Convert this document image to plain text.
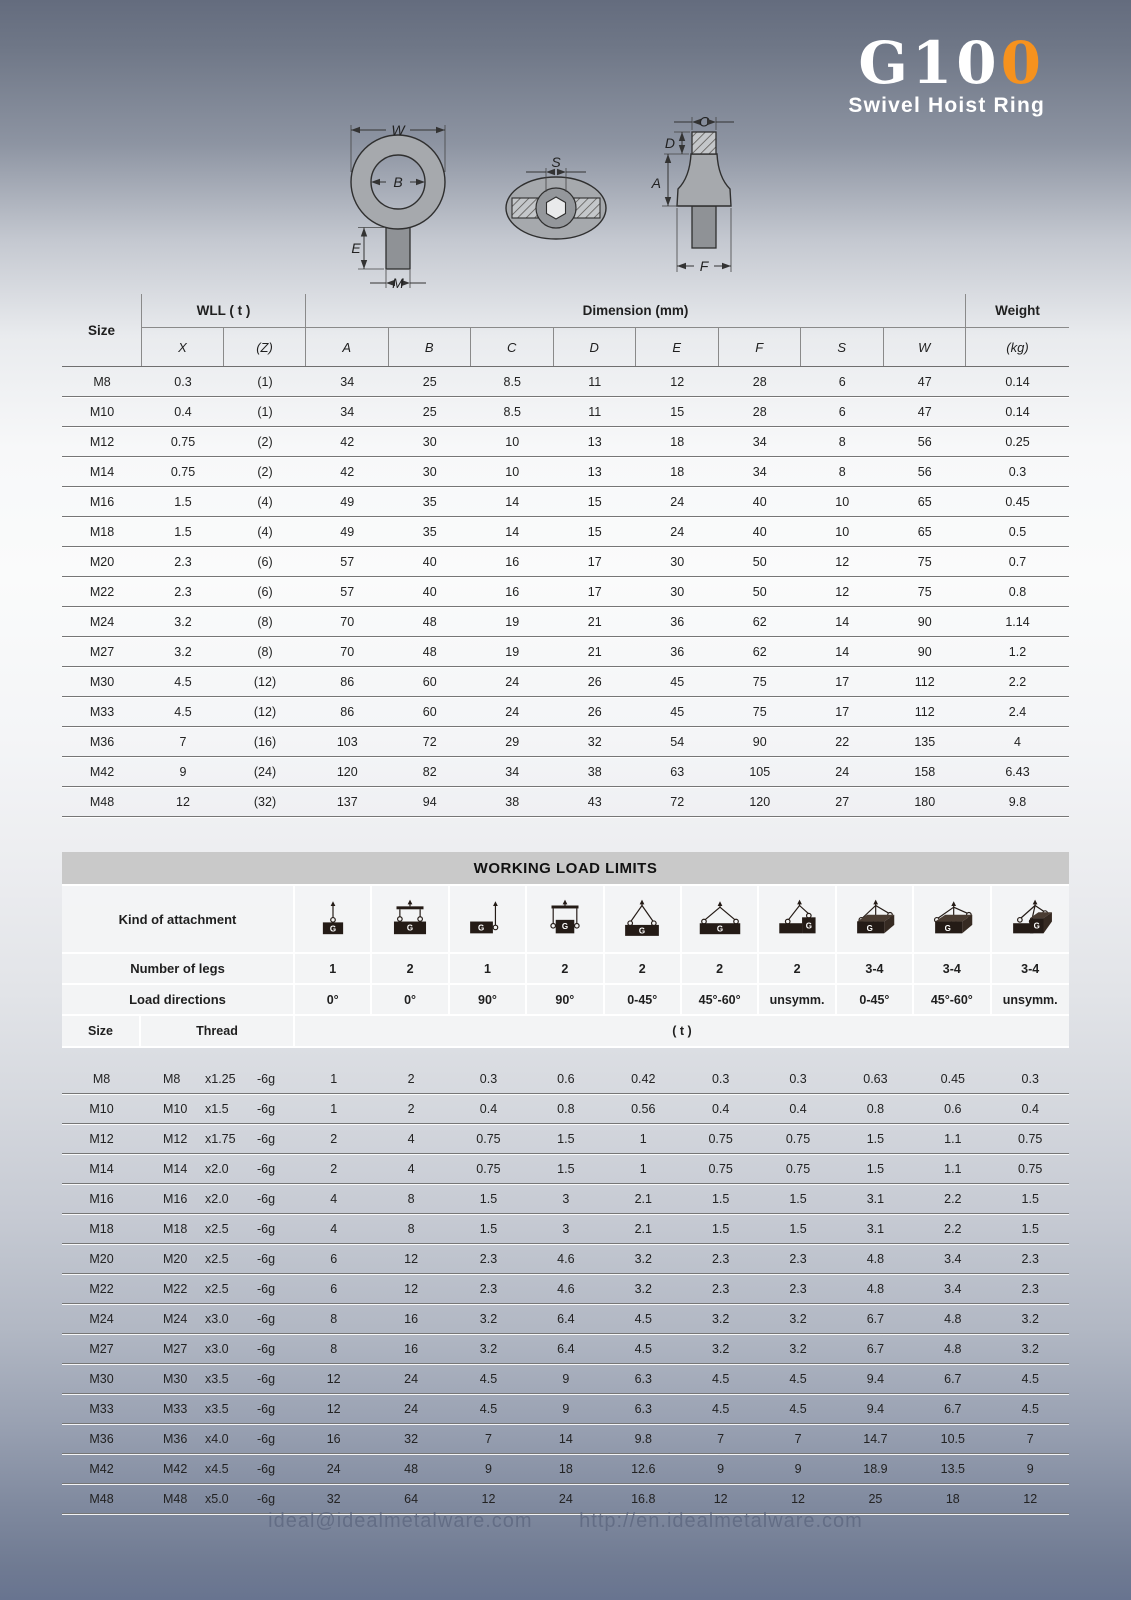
G100
Swivel Hoist Ring
W
B
E
M
S
C
D
A
F
Size
WLL ( t )	Dimension (mm)	Weight
X	(Z)	A	B	C	D	E	F	S	W	(kg)
M8	0.3	(1)	34	25	8.5	11	12	28	6	47	0.14
M10	0.4	(1)	34	25	8.5	11	15	28	6	47	0.14
M12	0.75	(2)	42	30	10	13	18	34	8	56	0.25
M14	0.75	(2)	42	30	10	13	18	34	8	56	0.3
M16	1.5	(4)	49	35	14	15	24	40	10	65	0.45
M18	1.5	(4)	49	35	14	15	24	40	10	65	0.5
M20	2.3	(6)	57	40	16	17	30	50	12	75	0.7
M22	2.3	(6)	57	40	16	17	30	50	12	75	0.8
M24	3.2	(8)	70	48	19	21	36	62	14	90	1.14
M27	3.2	(8)	70	48	19	21	36	62	14	90	1.2
M30	4.5	(12)	86	60	24	26	45	75	17	112	2.2
M33	4.5	(12)	86	60	24	26	45	75	17	112	2.4
M36	7	(16)	103	72	29	32	54	90	22	135	4
M42	9	(24)	120	82	34	38	63	105	24	158	6.43
M48	12	(32)	137	94	38	43	72	120	27	180	9.8
WORKING LOAD LIMITS
Kind of attachment
G	G	G	G	G	G	G	G	G	G
Number of legs	1	2	1	2	2	2	2	3-4	3-4	3-4
Load directions	0°	0°	90°	90°	0-45°	45°-60°	unsymm.	0-45°	45°-60°	unsymm.
Size	Thread	( t )
M8	M8	x1.25	-6g	1	2	0.3	0.6	0.42	0.3	0.3	0.63	0.45	0.3
M10	M10	x1.5	-6g	1	2	0.4	0.8	0.56	0.4	0.4	0.8	0.6	0.4
M12	M12	x1.75	-6g	2	4	0.75	1.5	1	0.75	0.75	1.5	1.1	0.75
M14	M14	x2.0	-6g	2	4	0.75	1.5	1	0.75	0.75	1.5	1.1	0.75
M16	M16	x2.0	-6g	4	8	1.5	3	2.1	1.5	1.5	3.1	2.2	1.5
M18	M18	x2.5	-6g	4	8	1.5	3	2.1	1.5	1.5	3.1	2.2	1.5
M20	M20	x2.5	-6g	6	12	2.3	4.6	3.2	2.3	2.3	4.8	3.4	2.3
M22	M22	x2.5	-6g	6	12	2.3	4.6	3.2	2.3	2.3	4.8	3.4	2.3
M24	M24	x3.0	-6g	8	16	3.2	6.4	4.5	3.2	3.2	6.7	4.8	3.2
M27	M27	x3.0	-6g	8	16	3.2	6.4	4.5	3.2	3.2	6.7	4.8	3.2
M30	M30	x3.5	-6g	12	24	4.5	9	6.3	4.5	4.5	9.4	6.7	4.5
M33	M33	x3.5	-6g	12	24	4.5	9	6.3	4.5	4.5	9.4	6.7	4.5
M36	M36	x4.0	-6g	16	32	7	14	9.8	7	7	14.7	10.5	7
M42	M42	x4.5	-6g	24	48	9	18	12.6	9	9	18.9	13.5	9
M48	M48	x5.0	-6g	32	64	12	24	16.8	12	12	25	18	12
ideal@idealmetalware.com http://en.idealmetalware.com
